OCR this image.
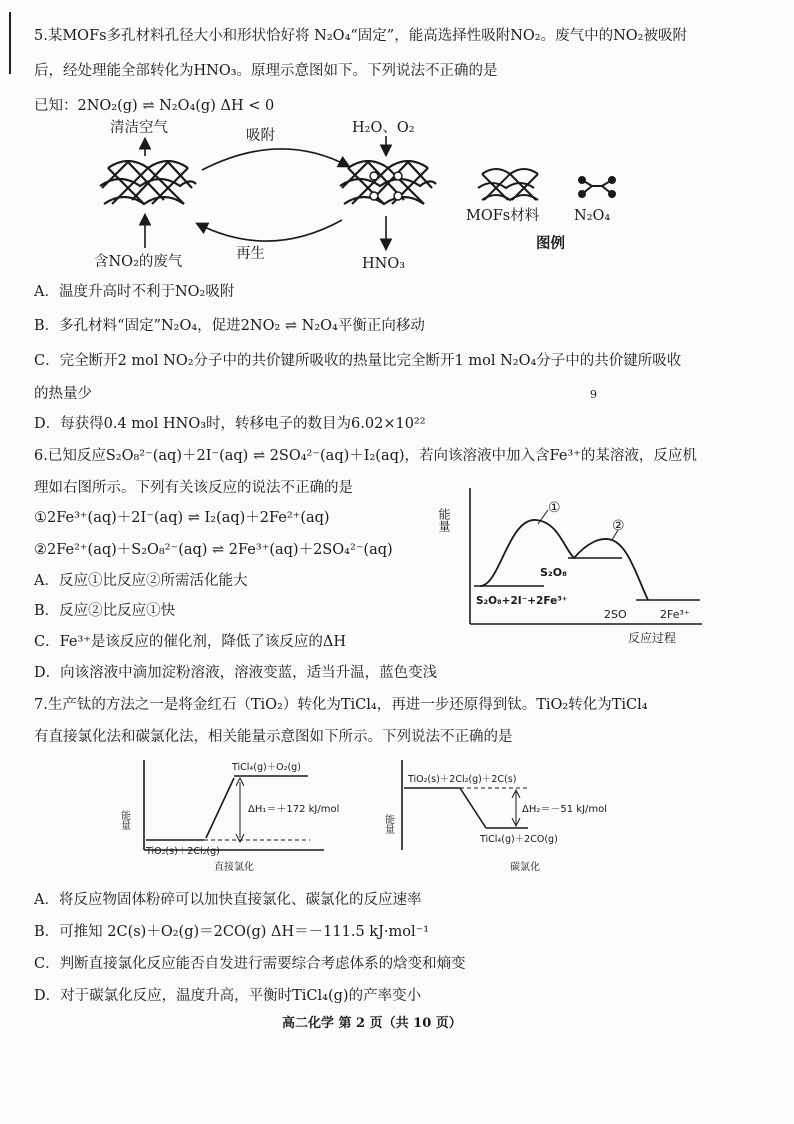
5.某MOFs多孔材料孔径大小和形状恰好将 N₂O₄“固定”，能高选择性吸附NO₂。废气中的NO₂被吸附
后，经处理能全部转化为HNO₃。原理示意图如下。下列说法不正确的是
已知：2NO₂(g) ⇌ N₂O₄(g) ΔH < 0
清洁空气	吸附	H₂O、O₂
再生
含NO₂的废气	HNO₃
MOFs材料 N₂O₄
图例
A．温度升高时不利于NO₂吸附
B．多孔材料“固定”N₂O₄，促进2NO₂ ⇌ N₂O₄平衡正向移动
C．完全断开2 mol NO₂分子中的共价键所吸收的热量比完全断开1 mol N₂O₄分子中的共价键所吸收
的热量少	9
D．每获得0.4 mol HNO₃时，转移电子的数目为6.02×10²²
6.已知反应S₂O₈²⁻(aq)＋2I⁻(aq) ⇌ 2SO₄²⁻(aq)＋I₂(aq)，若向该溶液中加入含Fe³⁺的某溶液，反应机
理如右图所示。下列有关该反应的说法不正确的是
①2Fe³⁺(aq)＋2I⁻(aq) ⇌ I₂(aq)＋2Fe²⁺(aq)
②2Fe²⁺(aq)＋S₂O₈²⁻(aq) ⇌ 2Fe³⁺(aq)＋2SO₄²⁻(aq)
A．反应①比反应②所需活化能大
B．反应②比反应①快
C．Fe³⁺是该反应的催化剂，降低了该反应的ΔH
D．向该溶液中滴加淀粉溶液，溶液变蓝，适当升温，蓝色变浅
能量
反应过程
①
②
S₂O₈
S₂O₈+2I⁻+2Fe³⁺
2SO	2Fe³⁺
7.生产钛的方法之一是将金红石（TiO₂）转化为TiCl₄，再进一步还原得到钛。TiO₂转化为TiCl₄
有直接氯化法和碳氯化法，相关能量示意图如下所示。下列说法不正确的是
能量
TiCl₄(g)＋O₂(g)
TiO₂(s)＋2Cl₂(g)
ΔH₁＝＋172 kJ/mol
直接氯化
能量
TiO₂(s)＋2Cl₂(g)＋2C(s)
TiCl₄(g)＋2CO(g)
ΔH₂＝－51 kJ/mol
碳氯化
A．将反应物固体粉碎可以加快直接氯化、碳氯化的反应速率
B．可推知 2C(s)＋O₂(g)＝2CO(g) ΔH＝－111.5 kJ·mol⁻¹
C．判断直接氯化反应能否自发进行需要综合考虑体系的焓变和熵变
D．对于碳氯化反应，温度升高，平衡时TiCl₄(g)的产率变小
高二化学 第 2 页（共 10 页）
